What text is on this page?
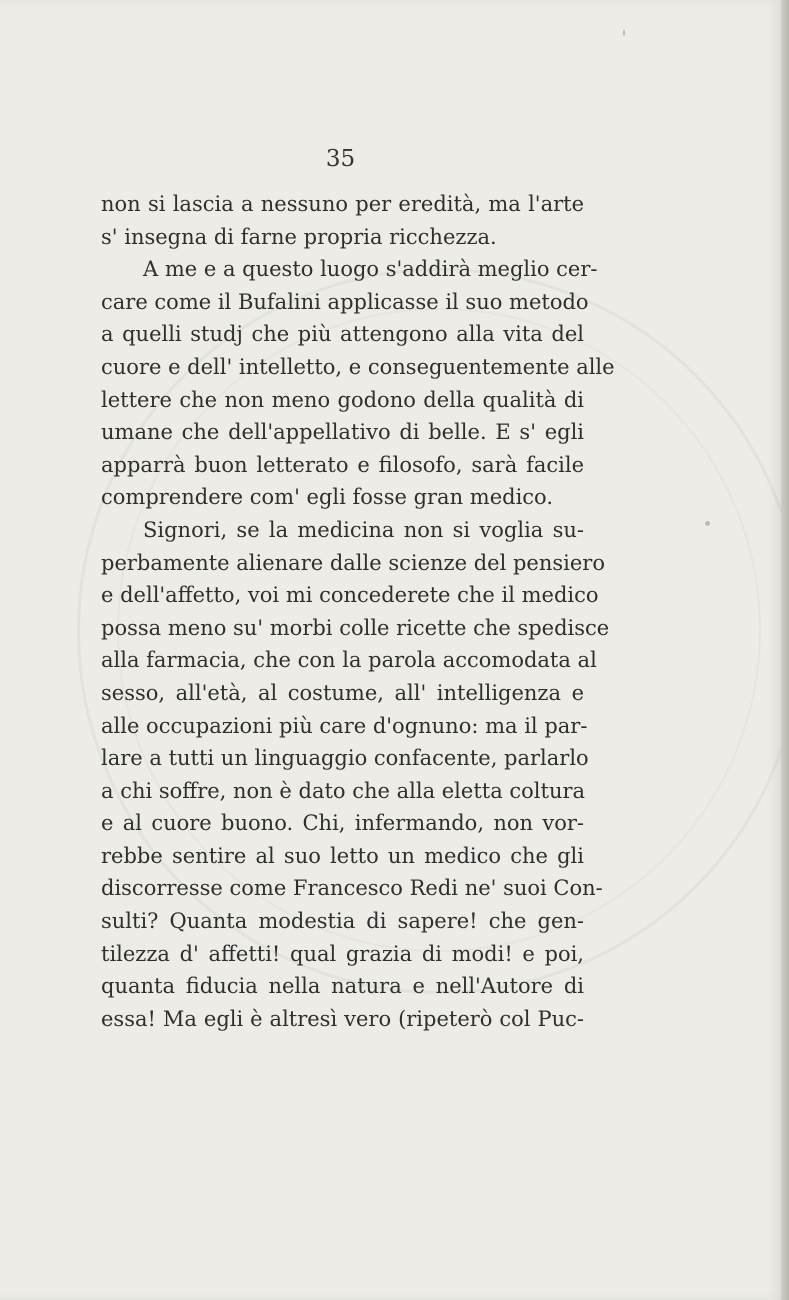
35
non si lascia a nessuno per eredità, ma l'arte
s' insegna di farne propria ricchezza.
A me e a questo luogo s'addirà meglio cer-
care come il Bufalini applicasse il suo metodo
a quelli studj che più attengono alla vita del
cuore e dell' intelletto, e conseguentemente alle
lettere che non meno godono della qualità di
umane che dell'appellativo di belle. E s' egli
apparrà buon letterato e filosofo, sarà facile
comprendere com' egli fosse gran medico.
Signori, se la medicina non si voglia su-
perbamente alienare dalle scienze del pensiero
e dell'affetto, voi mi concederete che il medico
possa meno su' morbi colle ricette che spedisce
alla farmacia, che con la parola accomodata al
sesso, all'età, al costume, all' intelligenza e
alle occupazioni più care d'ognuno: ma il par-
lare a tutti un linguaggio confacente, parlarlo
a chi soffre, non è dato che alla eletta coltura
e al cuore buono. Chi, infermando, non vor-
rebbe sentire al suo letto un medico che gli
discorresse come Francesco Redi ne' suoi Con-
sulti? Quanta modestia di sapere! che gen-
tilezza d' affetti! qual grazia di modi! e poi,
quanta fiducia nella natura e nell'Autore di
essa! Ma egli è altresì vero (ripeterò col Puc-
